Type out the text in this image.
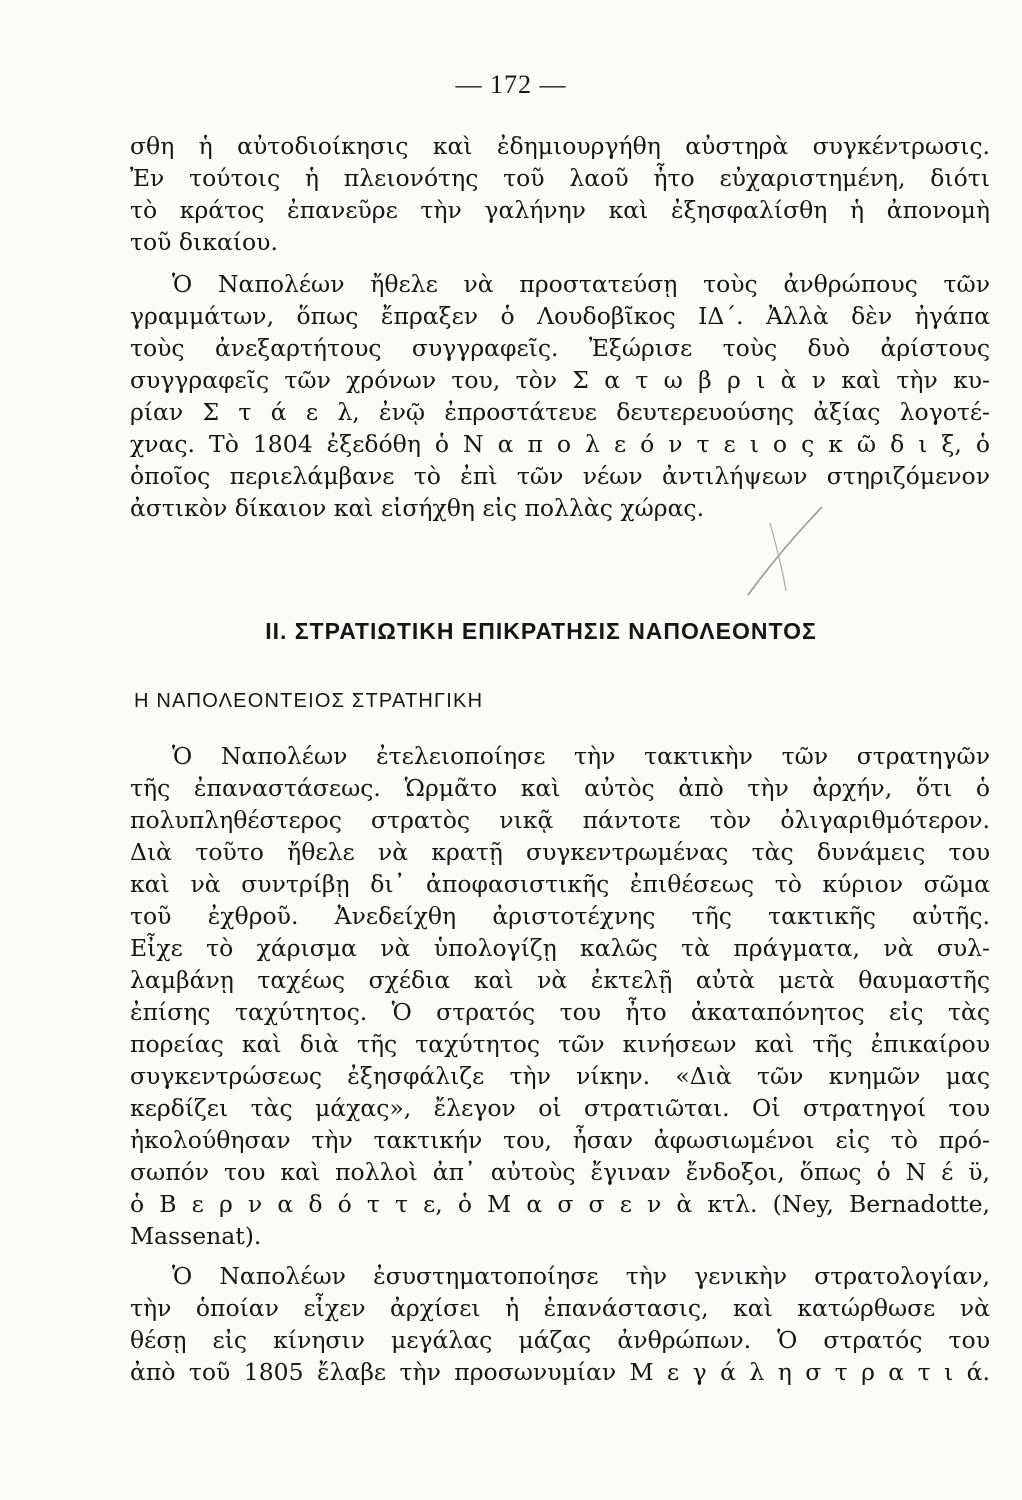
— 172 —
σθη ἡ αὐτοδιοίκησις καὶ ἐδημιουργήθη αὐστηρὰ συγκέντρωσις.
Ἐν τούτοις ἡ πλειονότης τοῦ λαοῦ ἦτο εὐχαριστημένη, διότι
τὸ κράτος ἐπανεῦρε τὴν γαλήνην καὶ ἐξησφαλίσθη ἡ ἀπονομὴ
τοῦ δικαίου.
Ὁ Ναπολέων ἤθελε νὰ προστατεύσῃ τοὺς ἀνθρώπους τῶν
γραμμάτων, ὅπως ἔπραξεν ὁ Λουδοβῖκος ΙΔ΄. Ἀλλὰ δὲν ἠγάπα
τοὺς ἀνεξαρτήτους συγγραφεῖς. Ἐξώρισε τοὺς δυὸ ἀρίστους
συγγραφεῖς τῶν χρόνων του, τὸν Σ α τ ω β ρ ι ὰ ν καὶ τὴν κυ-
ρίαν Σ τ ά ε λ, ἐνῷ ἐπροστάτευε δευτερευούσης ἀξίας λογοτέ-
χνας. Τὸ 1804 ἐξεδόθη ὁ Ν α π ο λ ε ό ν τ ε ι ο ς κ ῶ δ ι ξ, ὁ
ὁποῖος περιελάμβανε τὸ ἐπὶ τῶν νέων ἀντιλήψεων στηριζόμενον
ἀστικὸν δίκαιον καὶ εἰσήχθη εἰς πολλὰς χώρας.
II. ΣΤΡΑΤΙΩΤΙΚΗ ΕΠΙΚΡΑΤΗΣΙΣ ΝΑΠΟΛΕΟΝΤΟΣ
Η ΝΑΠΟΛΕΟΝΤΕΙΟΣ ΣΤΡΑΤΗΓΙΚΗ
Ὁ Ναπολέων ἐτελειοποίησε τὴν τακτικὴν τῶν στρατηγῶν
τῆς ἐπαναστάσεως. Ὡρμᾶτο καὶ αὐτὸς ἀπὸ τὴν ἀρχήν, ὅτι ὁ
πολυπληθέστερος στρατὸς νικᾷ πάντοτε τὸν ὀλιγαριθμότερον.
Διὰ τοῦτο ἤθελε νὰ κρατῇ συγκεντρωμένας τὰς δυνάμεις του
καὶ νὰ συντρίβῃ δι᾽ ἀποφασιστικῆς ἐπιθέσεως τὸ κύριον σῶμα
τοῦ ἐχθροῦ. Ἀνεδείχθη ἀριστοτέχνης τῆς τακτικῆς αὐτῆς.
Εἶχε τὸ χάρισμα νὰ ὑπολογίζῃ καλῶς τὰ πράγματα, νὰ συλ-
λαμβάνῃ ταχέως σχέδια καὶ νὰ ἐκτελῇ αὐτὰ μετὰ θαυμαστῆς
ἐπίσης ταχύτητος. Ὁ στρατός του ἦτο ἀκαταπόνητος εἰς τὰς
πορείας καὶ διὰ τῆς ταχύτητος τῶν κινήσεων καὶ τῆς ἐπικαίρου
συγκεντρώσεως ἐξησφάλιζε τὴν νίκην. «Διὰ τῶν κνημῶν μας
κερδίζει τὰς μάχας», ἔλεγον οἱ στρατιῶται. Οἱ στρατηγοί του
ἠκολούθησαν τὴν τακτικήν του, ἦσαν ἀφωσιωμένοι εἰς τὸ πρό-
σωπόν του καὶ πολλοὶ ἀπ᾽ αὐτοὺς ἔγιναν ἔνδοξοι, ὅπως ὁ Ν έ ϋ,
ὁ Β ε ρ ν α δ ό τ τ ε, ὁ Μ α σ σ ε ν ὰ κτλ. (Ney, Bernadotte,
Massenat).
Ὁ Ναπολέων ἐσυστηματοποίησε τὴν γενικὴν στρατολογίαν,
τὴν ὁποίαν εἶχεν ἀρχίσει ἡ ἐπανάστασις, καὶ κατώρθωσε νὰ
θέσῃ εἰς κίνησιν μεγάλας μάζας ἀνθρώπων. Ὁ στρατός του
ἀπὸ τοῦ 1805 ἔλαβε τὴν προσωνυμίαν Μ ε γ ά λ η σ τ ρ α τ ι ά.
